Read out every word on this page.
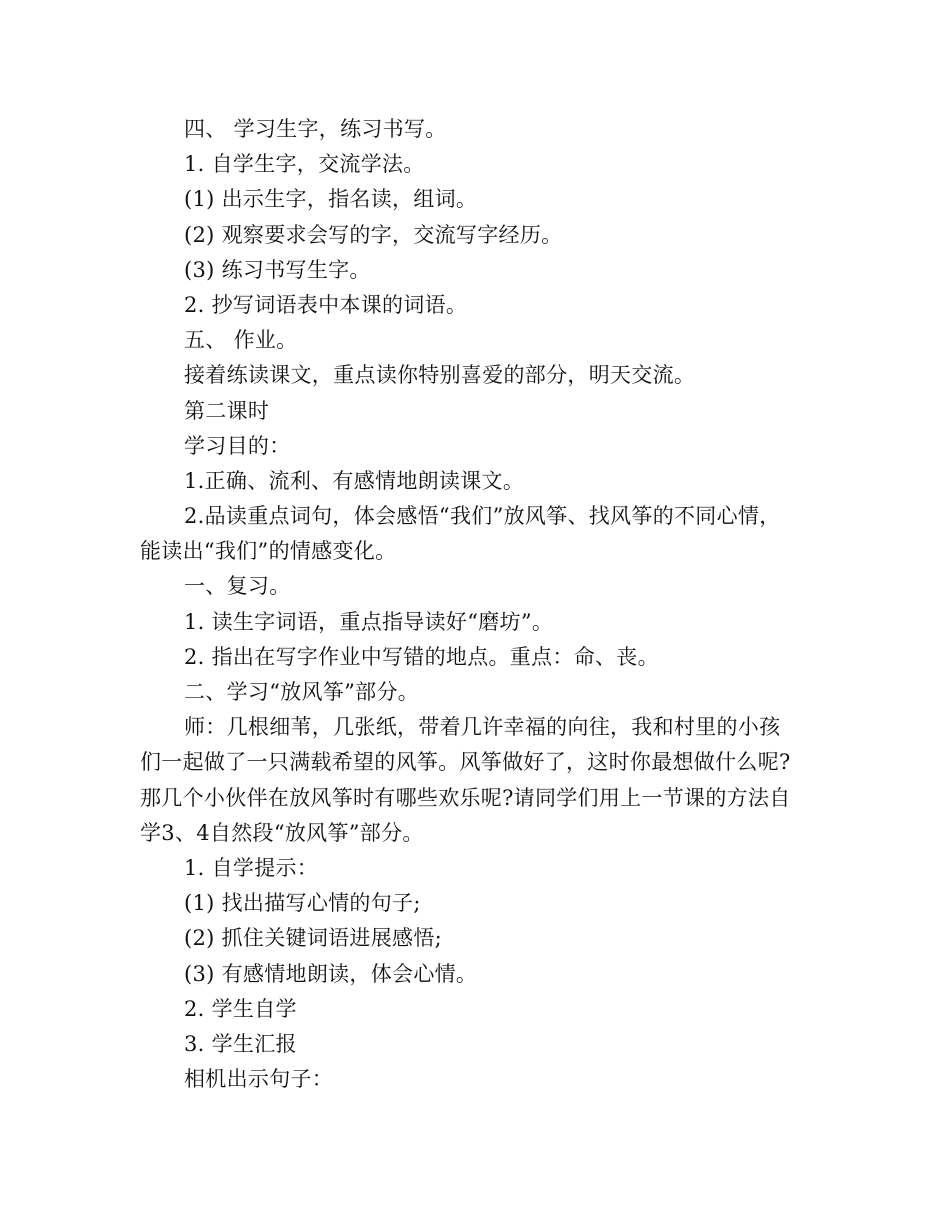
四、 学习生字，练习书写。
1. 自学生字，交流学法。
(1) 出示生字，指名读，组词。
(2) 观察要求会写的字，交流写字经历。
(3) 练习书写生字。
2. 抄写词语表中本课的词语。
五、 作业。
接着练读课文，重点读你特别喜爱的部分，明天交流。
第二课时
学习目的：
1.正确、流利、有感情地朗读课文。
2.品读重点词句，体会感悟“我们”放风筝、找风筝的不同心情，
能读出“我们”的情感变化。
一、复习。
1. 读生字词语，重点指导读好“磨坊”。
2. 指出在写字作业中写错的地点。重点：命、丧。
二、学习“放风筝”部分。
师：几根细苇，几张纸，带着几许幸福的向往，我和村里的小孩
们一起做了一只满载希望的风筝。风筝做好了，这时你最想做什么呢?
那几个小伙伴在放风筝时有哪些欢乐呢?请同学们用上一节课的方法自
学3、4自然段“放风筝”部分。
1. 自学提示：
(1) 找出描写心情的句子;
(2) 抓住关键词语进展感悟;
(3) 有感情地朗读，体会心情。
2. 学生自学
3. 学生汇报
相机出示句子：
